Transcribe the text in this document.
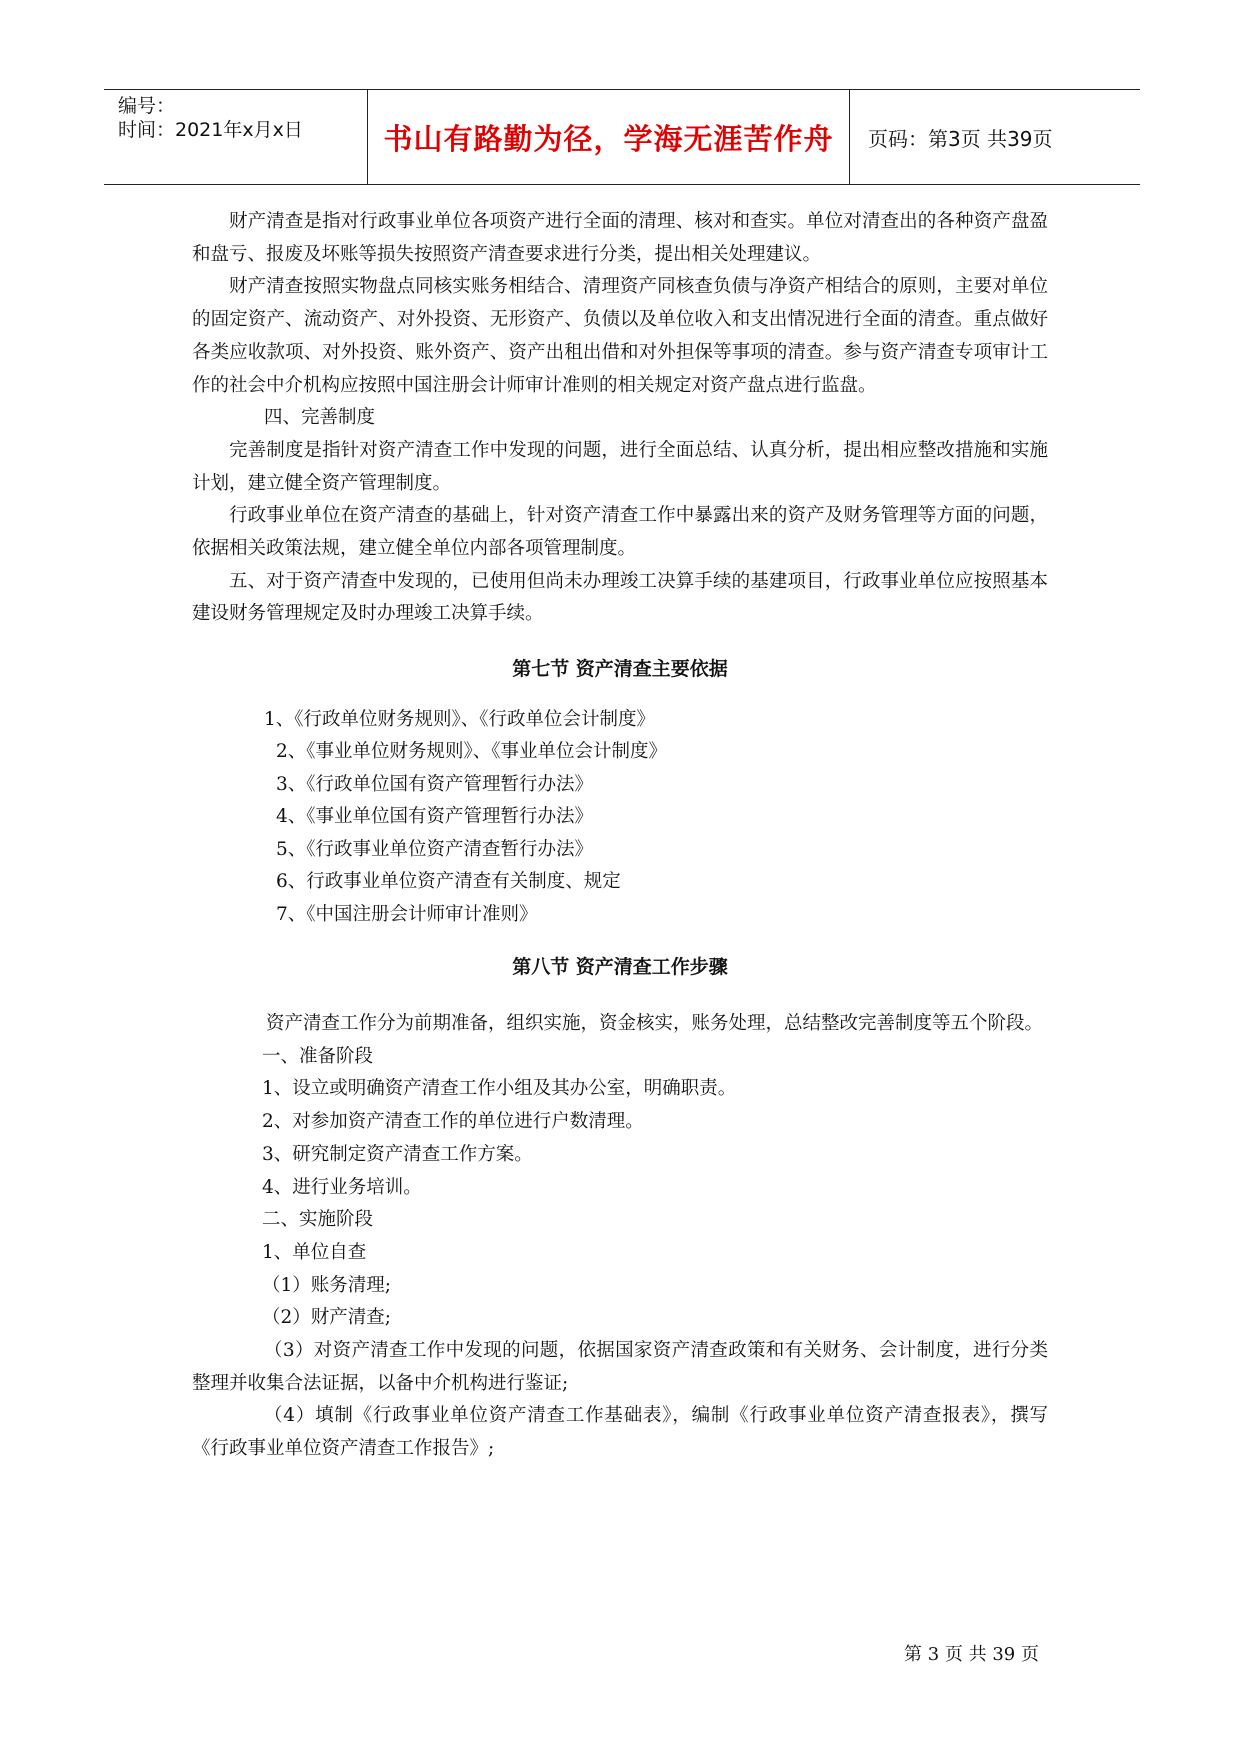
编号：
时间：2021年x月x日	书山有路勤为径，学海无涯苦作舟	页码：第3页 共39页

财产清查是指对行政事业单位各项资产进行全面的清理、核对和查实。单位对清查出的各种资产盘盈和盘亏、报废及坏账等损失按照资产清查要求进行分类，提出相关处理建议。

财产清查按照实物盘点同核实账务相结合、清理资产同核查负债与净资产相结合的原则，主要对单位的固定资产、流动资产、对外投资、无形资产、负债以及单位收入和支出情况进行全面的清查。重点做好各类应收款项、对外投资、账外资产、资产出租出借和对外担保等事项的清查。参与资产清查专项审计工作的社会中介机构应按照中国注册会计师审计准则的相关规定对资产盘点进行监盘。

四、完善制度

完善制度是指针对资产清查工作中发现的问题，进行全面总结、认真分析，提出相应整改措施和实施计划，建立健全资产管理制度。

行政事业单位在资产清查的基础上，针对资产清查工作中暴露出来的资产及财务管理等方面的问题，依据相关政策法规，建立健全单位内部各项管理制度。

五、对于资产清查中发现的，已使用但尚未办理竣工决算手续的基建项目，行政事业单位应按照基本建设财务管理规定及时办理竣工决算手续。

第七节 资产清查主要依据

1、《行政单位财务规则》、《行政单位会计制度》

2、《事业单位财务规则》、《事业单位会计制度》

3、《行政单位国有资产管理暂行办法》

4、《事业单位国有资产管理暂行办法》

5、《行政事业单位资产清查暂行办法》

6、行政事业单位资产清查有关制度、规定

7、《中国注册会计师审计准则》

第八节 资产清查工作步骤

资产清查工作分为前期准备，组织实施，资金核实，账务处理，总结整改完善制度等五个阶段。

一、准备阶段

1、设立或明确资产清查工作小组及其办公室，明确职责。

2、对参加资产清查工作的单位进行户数清理。

3、研究制定资产清查工作方案。

4、进行业务培训。

二、实施阶段

1、单位自查

（1）账务清理;

（2）财产清查;

（3）对资产清查工作中发现的问题，依据国家资产清查政策和有关财务、会计制度，进行分类整理并收集合法证据，以备中介机构进行鉴证;

（4）填制《行政事业单位资产清查工作基础表》，编制《行政事业单位资产清查报表》，撰写《行政事业单位资产清查工作报告》;

第 3 页 共 39 页
